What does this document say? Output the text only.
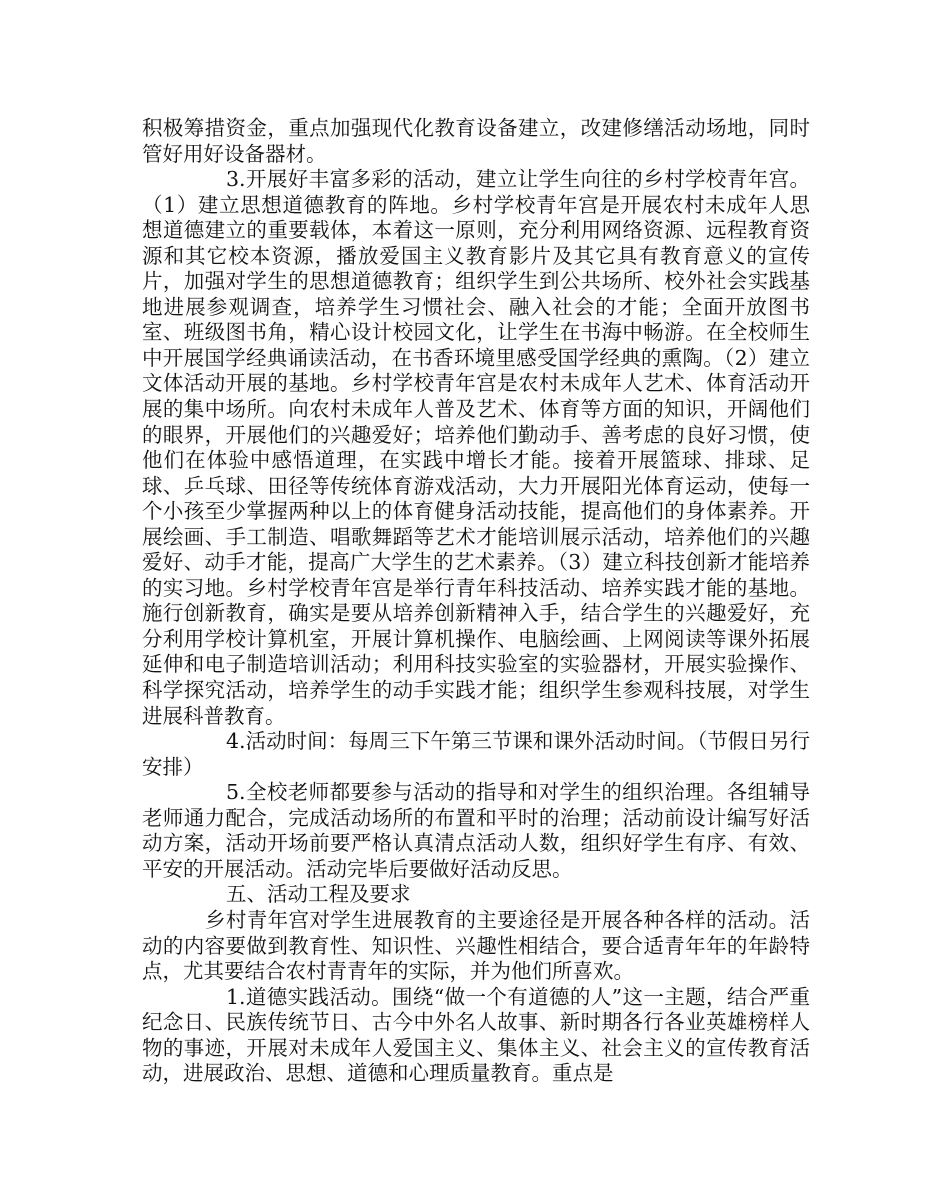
积极筹措资金，重点加强现代化教育设备建立，改建修缮活动场地，同时管好用好设备器材。

3.开展好丰富多彩的活动，建立让学生向往的乡村学校青年宫。（1）建立思想道德教育的阵地。乡村学校青年宫是开展农村未成年人思想道德建立的重要载体，本着这一原则，充分利用网络资源、远程教育资源和其它校本资源，播放爱国主义教育影片及其它具有教育意义的宣传片，加强对学生的思想道德教育；组织学生到公共场所、校外社会实践基地进展参观调查，培养学生习惯社会、融入社会的才能；全面开放图书室、班级图书角，精心设计校园文化，让学生在书海中畅游。在全校师生中开展国学经典诵读活动，在书香环境里感受国学经典的熏陶。（2）建立文体活动开展的基地。乡村学校青年宫是农村未成年人艺术、体育活动开展的集中场所。向农村未成年人普及艺术、体育等方面的知识，开阔他们的眼界，开展他们的兴趣爱好；培养他们勤动手、善考虑的良好习惯，使他们在体验中感悟道理，在实践中增长才能。接着开展篮球、排球、足球、乒乓球、田径等传统体育游戏活动，大力开展阳光体育运动，使每一个小孩至少掌握两种以上的体育健身活动技能，提高他们的身体素养。开展绘画、手工制造、唱歌舞蹈等艺术才能培训展示活动，培养他们的兴趣爱好、动手才能，提高广大学生的艺术素养。（3）建立科技创新才能培养的实习地。乡村学校青年宫是举行青年科技活动、培养实践才能的基地。施行创新教育，确实是要从培养创新精神入手，结合学生的兴趣爱好，充分利用学校计算机室，开展计算机操作、电脑绘画、上网阅读等课外拓展延伸和电子制造培训活动；利用科技实验室的实验器材，开展实验操作、科学探究活动，培养学生的动手实践才能；组织学生参观科技展，对学生进展科普教育。

4.活动时间：每周三下午第三节课和课外活动时间。（节假日另行安排）

5.全校老师都要参与活动的指导和对学生的组织治理。各组辅导老师通力配合，完成活动场所的布置和平时的治理；活动前设计编写好活动方案，活动开场前要严格认真清点活动人数，组织好学生有序、有效、平安的开展活动。活动完毕后要做好活动反思。

五、活动工程及要求

乡村青年宫对学生进展教育的主要途径是开展各种各样的活动。活动的内容要做到教育性、知识性、兴趣性相结合，要合适青年年的年龄特点，尤其要结合农村青青年的实际，并为他们所喜欢。

1.道德实践活动。围绕“做一个有道德的人”这一主题，结合严重纪念日、民族传统节日、古今中外名人故事、新时期各行各业英雄榜样人物的事迹，开展对未成年人爱国主义、集体主义、社会主义的宣传教育活动，进展政治、思想、道德和心理质量教育。重点是
